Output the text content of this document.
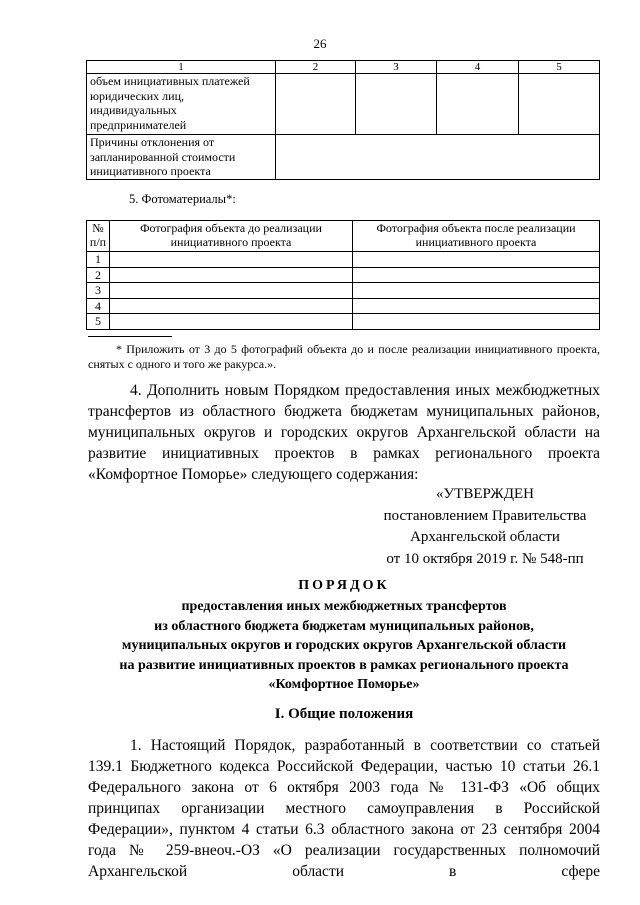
26
1	2	3	4	5
объем инициативных платежей юридических лиц, индивидуальных предпринимателей				
Причины отклонения от запланированной стоимости инициативного проекта				
5. Фотоматериалы*:
№ п/п	Фотография объекта до реализации инициативного проекта	Фотография объекта после реализации инициативного проекта
1		
2		
3		
4		
5		
* Приложить от 3 до 5 фотографий объекта до и после реализации инициативного проекта, снятых с одного и того же ракурса.».

4. Дополнить новым Порядком предоставления иных межбюджетных трансфертов из областного бюджета бюджетам муниципальных районов, муниципальных округов и городских округов Архангельской области на развитие инициативных проектов в рамках регионального проекта «Комфортное Поморье» следующего содержания:

«УТВЕРЖДЕН
постановлением Правительства
Архангельской области
от 10 октября 2019 г. № 548-пп
ПОРЯДОК
предоставления иных межбюджетных трансфертов
из областного бюджета бюджетам муниципальных районов,
муниципальных округов и городских округов Архангельской области
на развитие инициативных проектов в рамках регионального проекта
«Комфортное Поморье»
I. Общие положения

1. Настоящий Порядок, разработанный в соответствии со статьей 139.1 Бюджетного кодекса Российской Федерации, частью 10 статьи 26.1 Федерального закона от 6 октября 2003 года № 131-ФЗ «Об общих принципах организации местного самоуправления в Российской Федерации», пунктом 4 статьи 6.3 областного закона от 23 сентября 2004 года № 259-внеоч.-ОЗ «О реализации государственных полномочий Архангельской области в сфере
